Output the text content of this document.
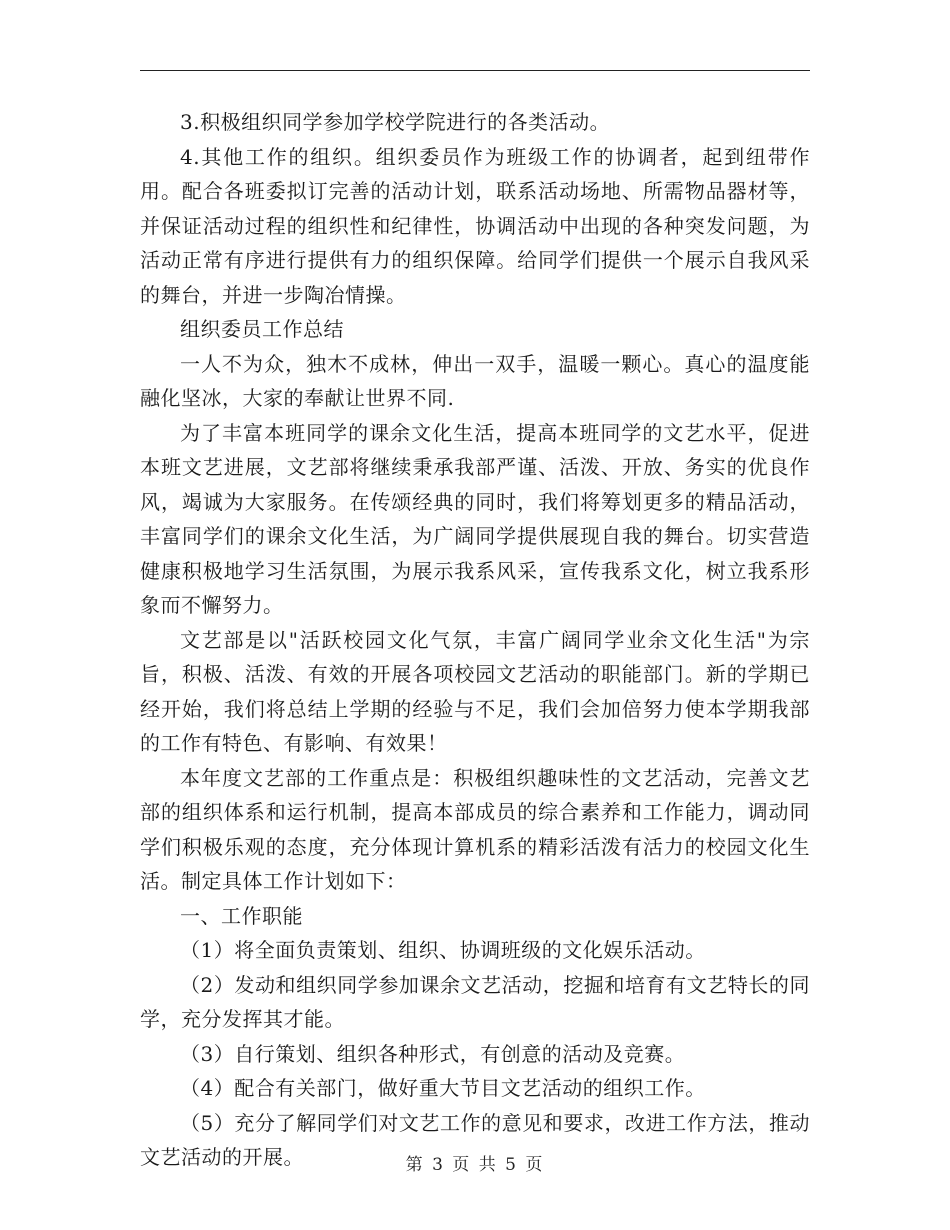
3.积极组织同学参加学校学院进行的各类活动。

4.其他工作的组织。组织委员作为班级工作的协调者，起到纽带作用。配合各班委拟订完善的活动计划，联系活动场地、所需物品器材等，并保证活动过程的组织性和纪律性，协调活动中出现的各种突发问题，为活动正常有序进行提供有力的组织保障。给同学们提供一个展示自我风采的舞台，并进一步陶冶情操。

组织委员工作总结

一人不为众，独木不成林，伸出一双手，温暖一颗心。真心的温度能融化坚冰，大家的奉献让世界不同.

为了丰富本班同学的课余文化生活，提高本班同学的文艺水平，促进本班文艺进展，文艺部将继续秉承我部严谨、活泼、开放、务实的优良作风，竭诚为大家服务。在传颂经典的同时，我们将筹划更多的精品活动，丰富同学们的课余文化生活，为广阔同学提供展现自我的舞台。切实营造健康积极地学习生活氛围，为展示我系风采，宣传我系文化，树立我系形象而不懈努力。

文艺部是以"活跃校园文化气氛，丰富广阔同学业余文化生活"为宗旨，积极、活泼、有效的开展各项校园文艺活动的职能部门。新的学期已经开始，我们将总结上学期的经验与不足，我们会加倍努力使本学期我部的工作有特色、有影响、有效果！

本年度文艺部的工作重点是：积极组织趣味性的文艺活动，完善文艺部的组织体系和运行机制，提高本部成员的综合素养和工作能力，调动同学们积极乐观的态度，充分体现计算机系的精彩活泼有活力的校园文化生活。制定具体工作计划如下：

一、工作职能

（1）将全面负责策划、组织、协调班级的文化娱乐活动。

（2）发动和组织同学参加课余文艺活动，挖掘和培育有文艺特长的同学，充分发挥其才能。

（3）自行策划、组织各种形式，有创意的活动及竞赛。

（4）配合有关部门，做好重大节目文艺活动的组织工作。

（5）充分了解同学们对文艺工作的意见和要求，改进工作方法，推动文艺活动的开展。	第 3 页 共 5 页
